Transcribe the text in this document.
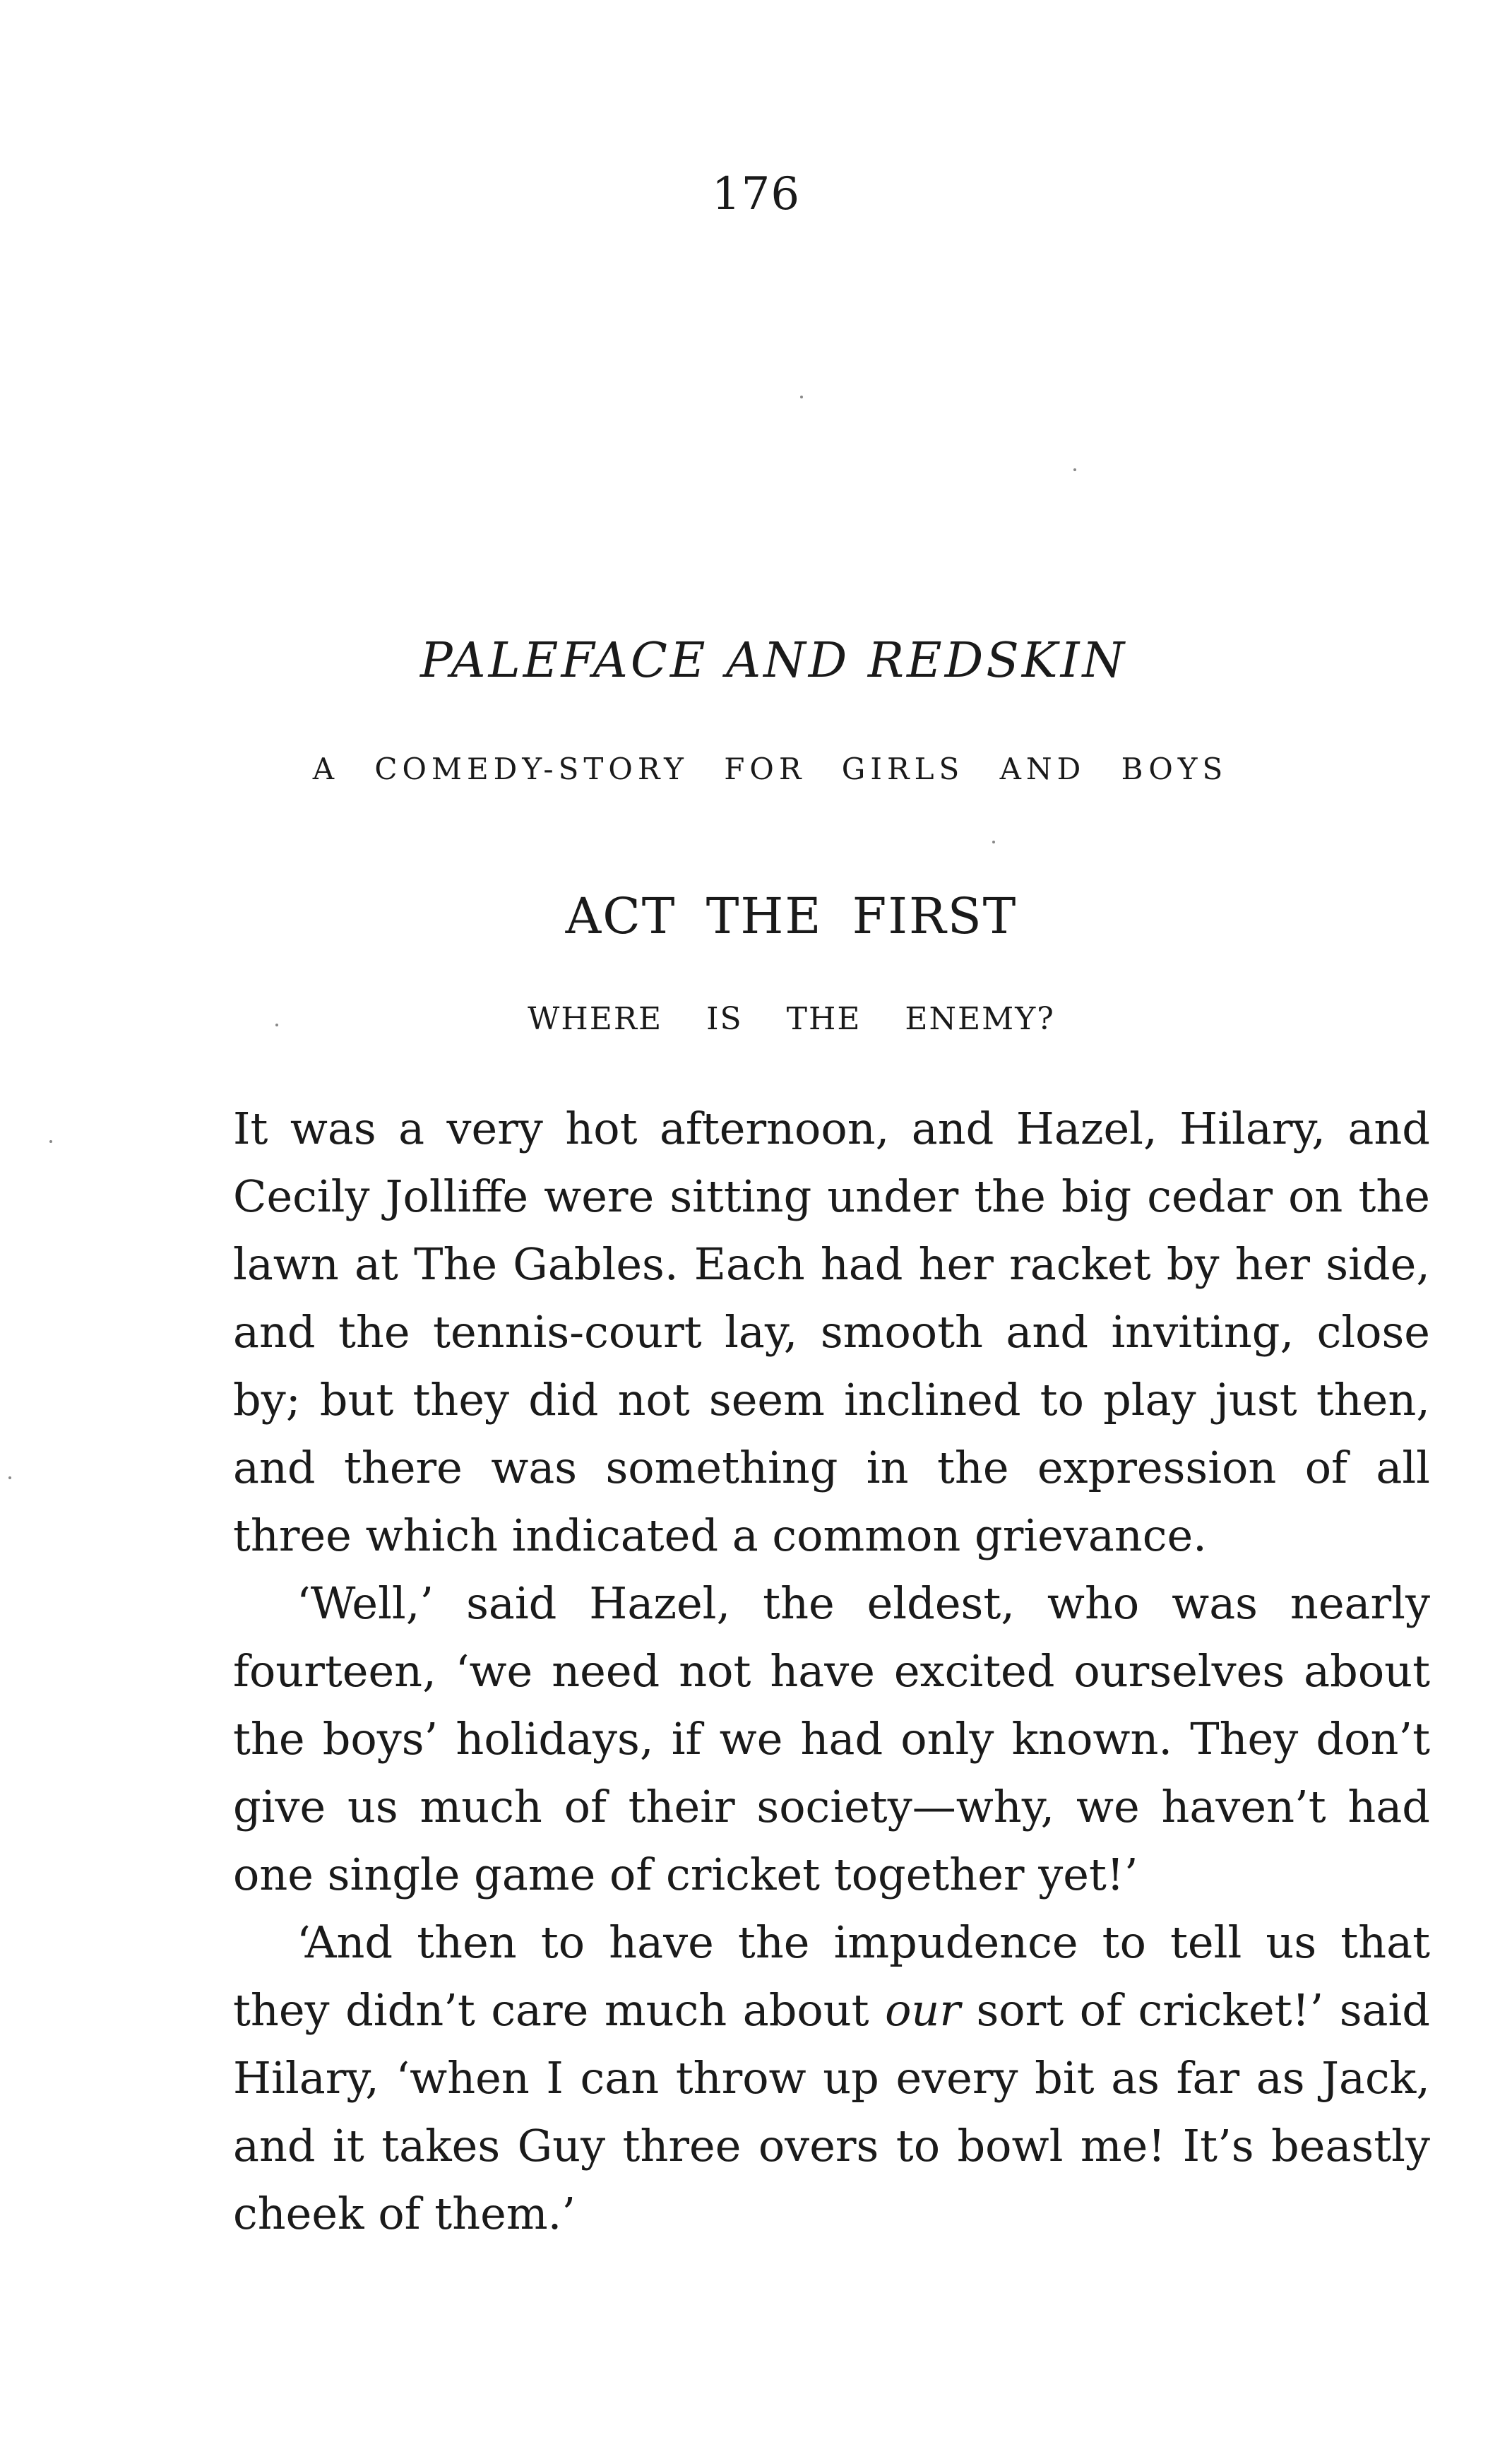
176
PALEFACE AND REDSKIN
A COMEDY-STORY FOR GIRLS AND BOYS
ACT THE FIRST
WHERE IS THE ENEMY?

It was a very hot afternoon, and Hazel, Hilary, and Cecily Jolliffe were sitting under the big cedar on the lawn at The Gables. Each had her racket by her side, and the tennis-court lay, smooth and inviting, close by; but they did not seem inclined to play just then, and there was something in the expression of all three which indicated a common grievance.

‘Well,’ said Hazel, the eldest, who was nearly fourteen, ‘we need not have excited ourselves about the boys’ holidays, if we had only known. They don’t give us much of their society—why, we haven’t had one single game of cricket together yet!’

‘And then to have the impudence to tell us that they didn’t care much about our sort of cricket!’ said Hilary, ‘when I can throw up every bit as far as Jack, and it takes Guy three overs to bowl me! It’s beastly cheek of them.’
